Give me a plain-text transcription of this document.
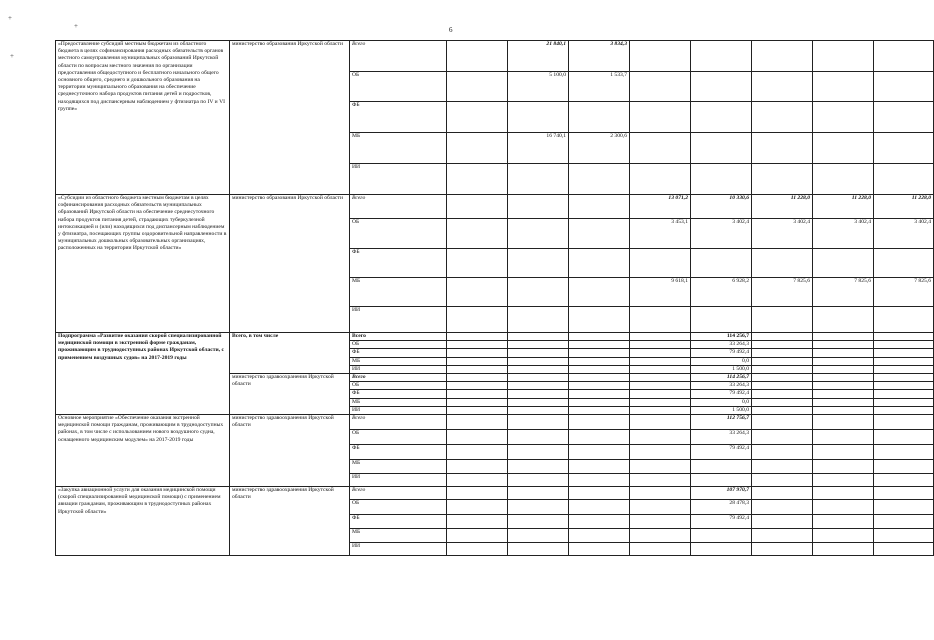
+
+
+
6
«Предоставление субсидий местным бюджетам из областного бюджета в целях софинансирования расходных обязательств органов местного самоуправления муниципальных образований Иркутской области по вопросам местного значения по организации предоставления общедоступного и бесплатного начального общего основного общего, среднего и дошкольного образования на территории муниципального образования на обеспечение среднесуточного набора продуктов питания детей и подростков, находящихся под диспансерным наблюдением у фтизиатра по IV и VI группе»	министерство образования Иркутской области	Всего		21 840,1	3 834,3					
		ОБ		5 100,0	1 533,7					
		ФБ								
		МБ		16 740,1	2 300,6					
		ИИ								
«Субсидии из областного бюджета местным бюджетам в целях софинансирования расходных обязательств муниципальных образований Иркутской области на обеспечение среднесуточного набора продуктов питания детей, страдающих туберкулезной интоксикацией и (или) находящихся под диспансерным наблюдением у фтизиатра, посещающих группы оздоровительной направленности в муниципальных дошкольных образовательных организациях, расположенных на территории Иркутской области»	министерство образования Иркутской области	Всего				13 071,2	10 330,6	11 228,0	11 228,0	11 228,0
		ОБ				3 453,1	3 402,4	3 402,4	3 402,4	3 402,4
		ФБ								
		МБ				9 618,1	6 928,2	7 825,6	7 825,6	7 825,6
		ИИ								
Подпрограмма «Развитие оказания скорой специализированной медицинской помощи в экстренной форме гражданам, проживающим в труднодоступных районах Иркутской области, с применением воздушных судов» на 2017-2019 годы	Всего, в том числе	Всего					114 256,7			
		ОБ					33 264,3			
		ФБ					79 492,4			
		МБ					0,0			
		ИИ					1 500,0			
	министерство здравоохранения Иркутской области	Всего					114 256,7			
		ОБ					33 264,3			
		ФБ					79 492,4			
		МБ					0,0			
		ИИ					1 500,0			
Основное мероприятие «Обеспечение оказания экстренной медицинской помощи гражданам, проживающим в труднодоступных районах, в том числе с использованием нового воздушного судна, оснащенного медицинским модулем» на 2017-2019 годы	министерство здравоохранения Иркутской области	Всего					112 756,7			
		ОБ					33 264,3			
		ФБ					79 492,4			
		МБ								
		ИИ								
«Закупка авиационной услуги для оказания медицинской помощи (скорой специализированной медицинской помощи) с применением авиации гражданам, проживающим в труднодоступных районах Иркутской области»	министерство здравоохранения Иркутской области	Всего					107 970,7			
		ОБ					28 478,3			
		ФБ					79 492,4			
		МБ								
		ИИ								
